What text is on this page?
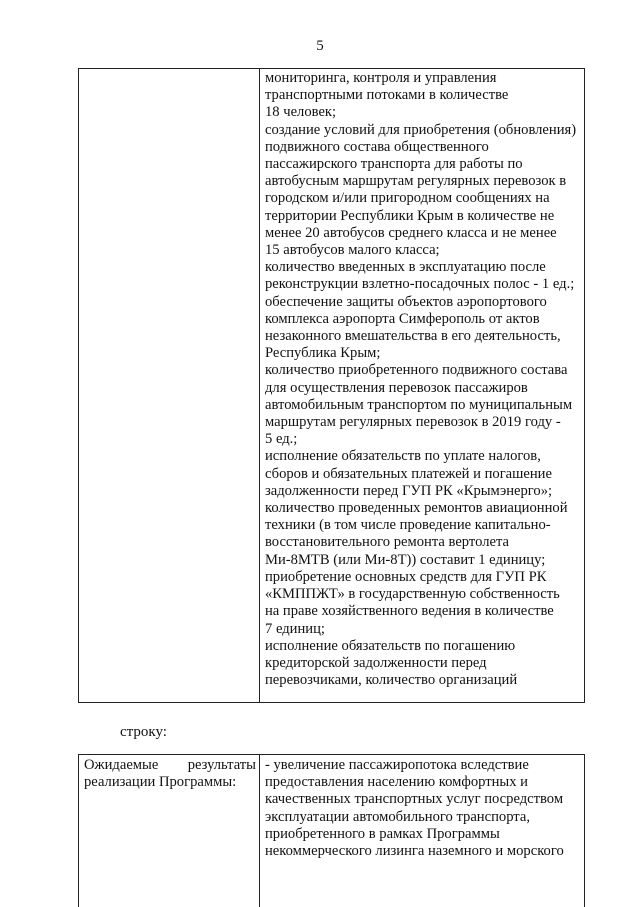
5

мониторинга, контроля и управления
транспортными потоками в количестве
18 человек;
создание условий для приобретения (обновления)
подвижного состава общественного
пассажирского транспорта для работы по
автобусным маршрутам регулярных перевозок в
городском и/или пригородном сообщениях на
территории Республики Крым в количестве не
менее 20 автобусов среднего класса и не менее
15 автобусов малого класса;
количество введенных в эксплуатацию после
реконструкции взлетно-посадочных полос - 1 ед.;
обеспечение защиты объектов аэропортового
комплекса аэропорта Симферополь от актов
незаконного вмешательства в его деятельность,
Республика Крым;
количество приобретенного подвижного состава
для осуществления перевозок пассажиров
автомобильным транспортом по муниципальным
маршрутам регулярных перевозок в 2019 году -
5 ед.;
исполнение обязательств по уплате налогов,
сборов и обязательных платежей и погашение
задолженности перед ГУП РК «Крымэнерго»;
количество проведенных ремонтов авиационной
техники (в том числе проведение капитально-
восстановительного ремонта вертолета
Ми-8МТВ (или Ми-8Т)) составит 1 единицу;
приобретение основных средств для ГУП РК
«КМППЖТ» в государственную собственность
на праве хозяйственного ведения в количестве
7 единиц;
исполнение обязательств по погашению
кредиторской задолженности перед
перевозчиками, количество организаций
строку:
Ожидаемые результаты
реализации Программы:

- увеличение пассажиропотока вследствие
предоставления населению комфортных и
качественных транспортных услуг посредством
эксплуатации автомобильного транспорта,
приобретенного в рамках Программы
некоммерческого лизинга наземного и морского
